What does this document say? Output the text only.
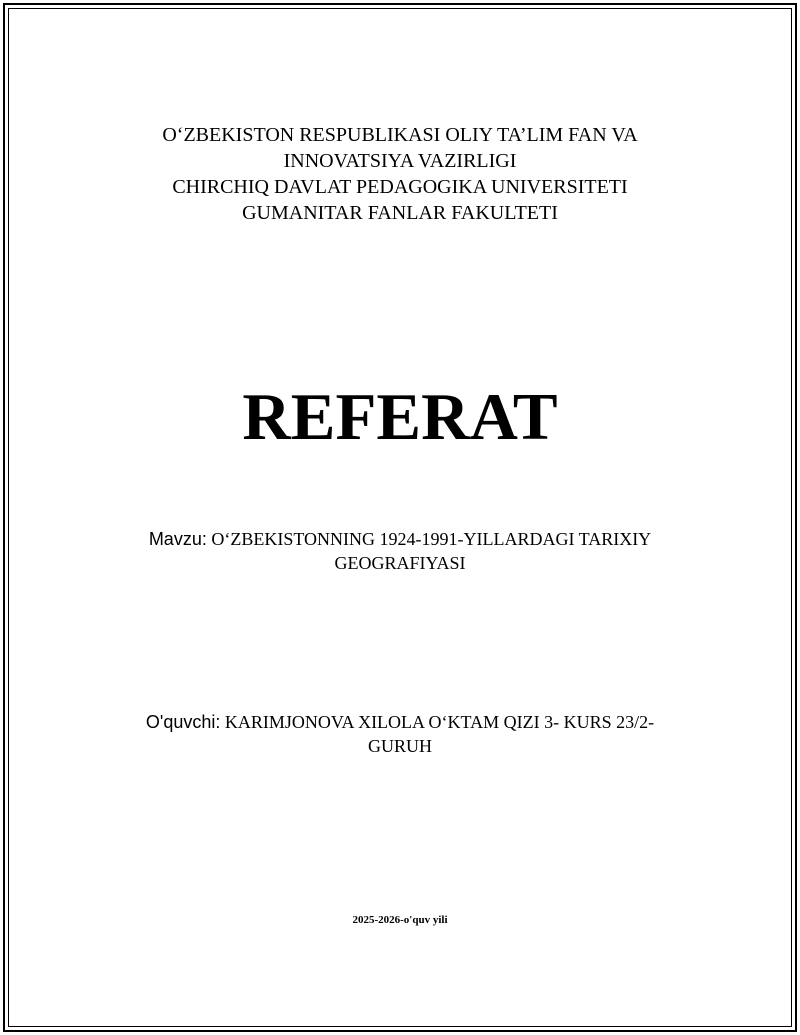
O‘ZBEKISTON RESPUBLIKASI OLIY TA’LIM FAN VA
INNOVATSIYA VAZIRLIGI
CHIRCHIQ DAVLAT PEDAGOGIKA UNIVERSITETI
GUMANITAR FANLAR FAKULTETI
REFERAT
Mavzu: O‘ZBEKISTONNING 1924-1991-YILLARDAGI TARIXIY
GEOGRAFIYASI
O'quvchi: KARIMJONOVA XILOLA O‘KTAM QIZI 3- KURS 23/2-
GURUH
2025-2026-o'quv yili
